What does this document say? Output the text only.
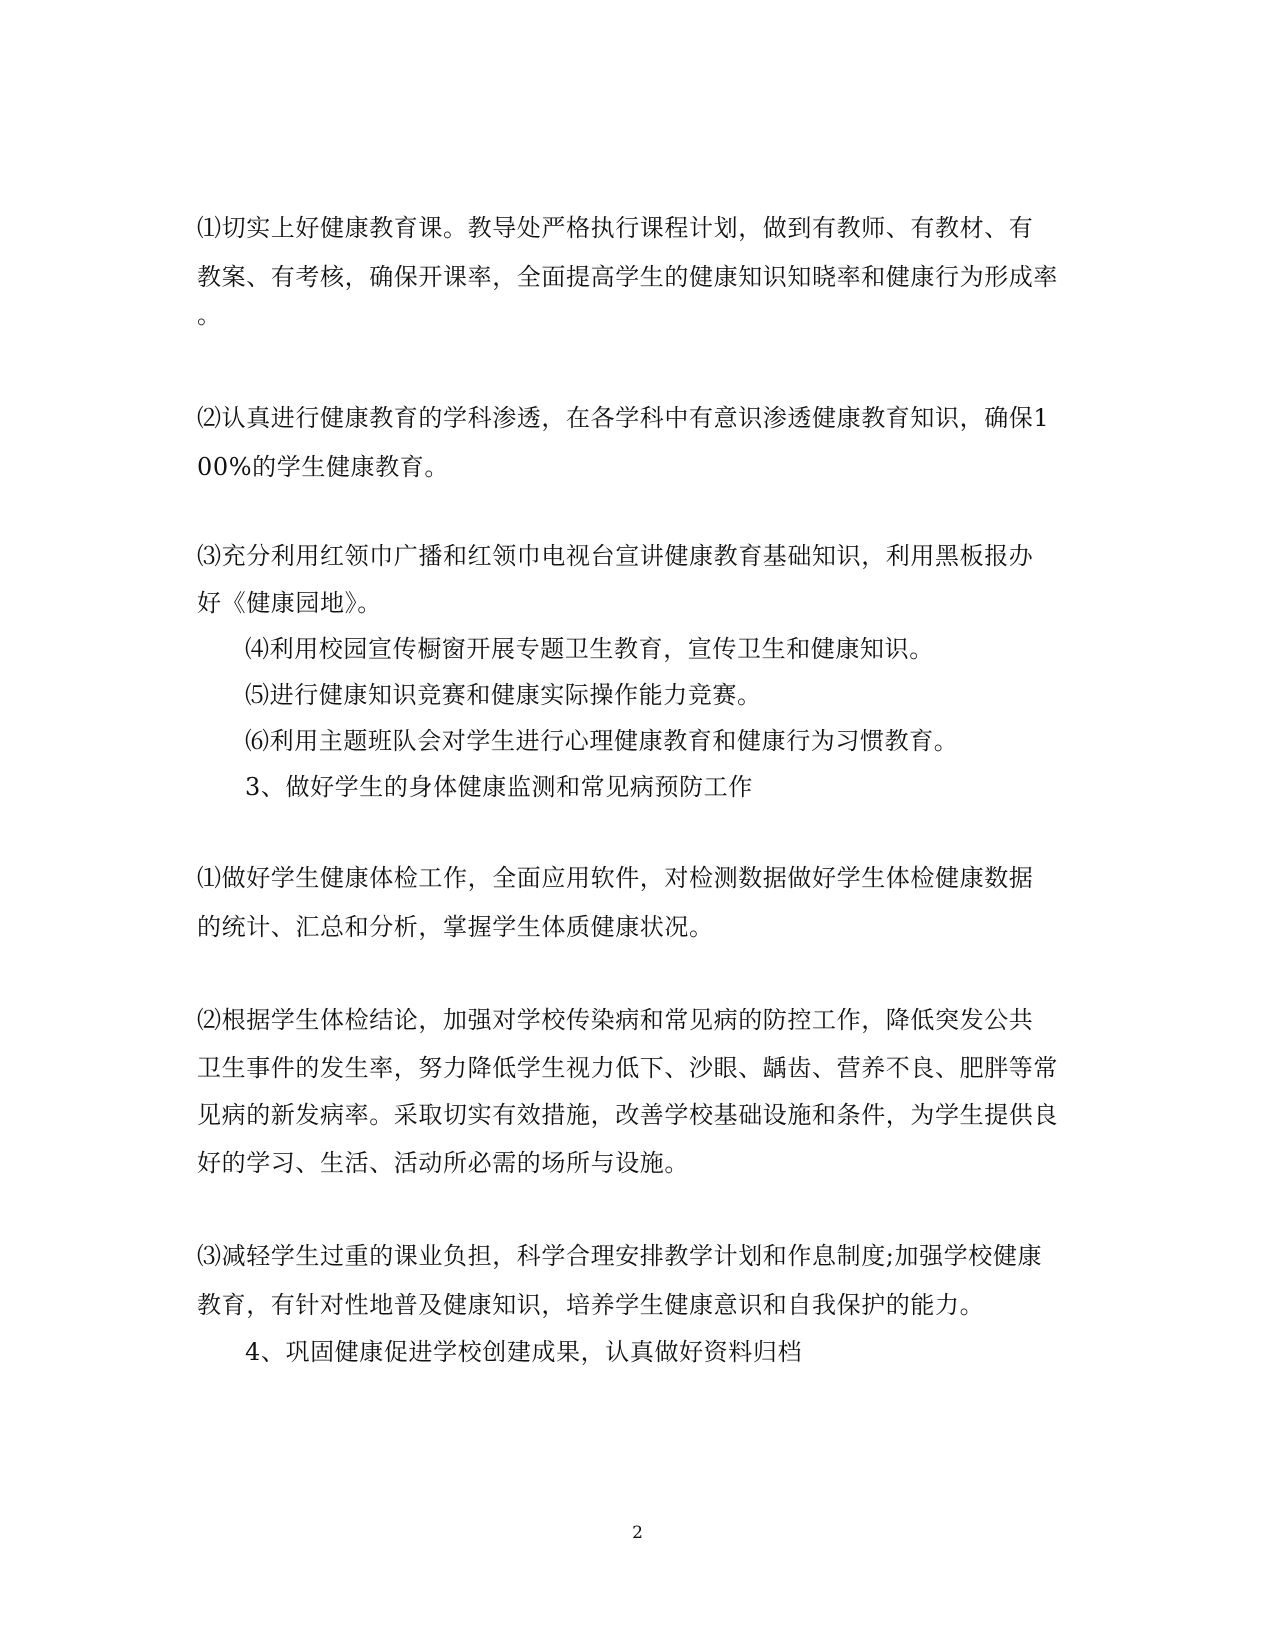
⑴切实上好健康教育课。教导处严格执行课程计划，做到有教师、有教材、有
教案、有考核，确保开课率，全面提高学生的健康知识知晓率和健康行为形成率
。
⑵认真进行健康教育的学科渗透，在各学科中有意识渗透健康教育知识，确保1
00%的学生健康教育。
⑶充分利用红领巾广播和红领巾电视台宣讲健康教育基础知识，利用黑板报办
好《健康园地》。
⑷利用校园宣传橱窗开展专题卫生教育，宣传卫生和健康知识。
⑸进行健康知识竞赛和健康实际操作能力竞赛。
⑹利用主题班队会对学生进行心理健康教育和健康行为习惯教育。
3、做好学生的身体健康监测和常见病预防工作
⑴做好学生健康体检工作，全面应用软件，对检测数据做好学生体检健康数据
的统计、汇总和分析，掌握学生体质健康状况。
⑵根据学生体检结论，加强对学校传染病和常见病的防控工作，降低突发公共
卫生事件的发生率，努力降低学生视力低下、沙眼、龋齿、营养不良、肥胖等常
见病的新发病率。采取切实有效措施，改善学校基础设施和条件，为学生提供良
好的学习、生活、活动所必需的场所与设施。
⑶减轻学生过重的课业负担，科学合理安排教学计划和作息制度;加强学校健康
教育，有针对性地普及健康知识，培养学生健康意识和自我保护的能力。
4、巩固健康促进学校创建成果，认真做好资料归档
2
